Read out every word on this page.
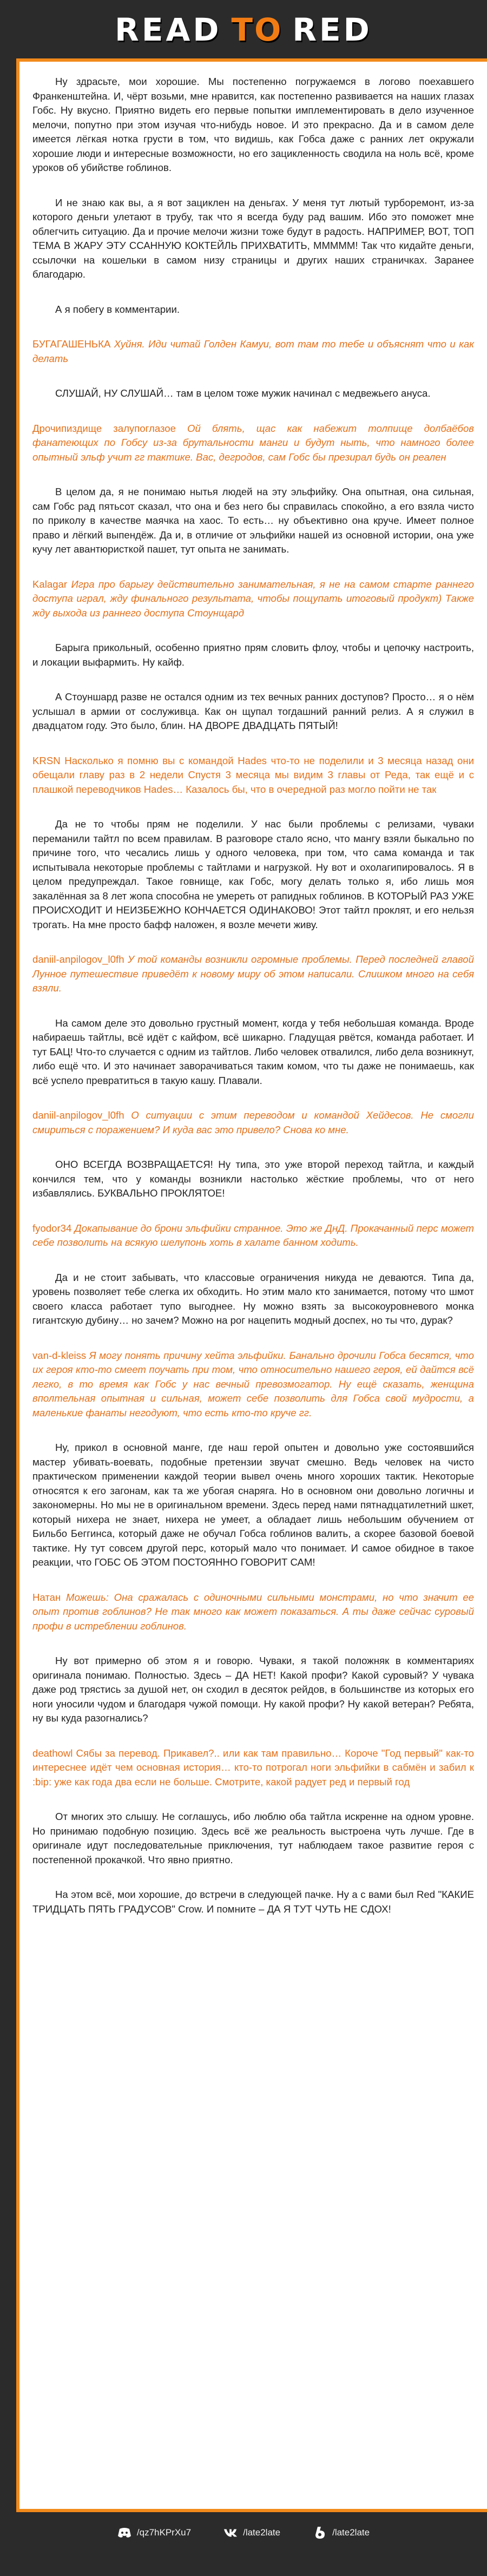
READ TO RED

Ну здрасьте, мои хорошие. Мы постепенно погружаемся в логово поехавшего Франкенштейна. И, чёрт возьми, мне нравится, как постепенно развивается на наших глазах Гобс. Ну вкусно. Приятно видеть его первые попытки имплементировать в дело изученное мелочи, попутно при этом изучая что-нибудь новое. И это прекрасно. Да и в самом деле имеется лёгкая нотка грусти в том, что видишь, как Гобса даже с ранних лет окружали хорошие люди и интересные возможности, но его зацикленность сводила на ноль всё, кроме уроков об убийстве гоблинов.

И не знаю как вы, а я вот зациклен на деньгах. У меня тут лютый турборемонт, из-за которого деньги улетают в трубу, так что я всегда буду рад вашим. Ибо это поможет мне облегчить ситуацию. Да и прочие мелочи жизни тоже будут в радость. НАПРИМЕР, ВОТ, ТОП ТЕМА В ЖАРУ ЭТУ ССАННУЮ КОКТЕЙЛЬ ПРИХВАТИТЬ, МММММ! Так что кидайте деньги, ссылочки на кошельки в самом низу страницы и других наших страничках. Заранее благодарю.

А я побегу в комментарии.

БУГАГАШЕНЬКА Хуйня. Иди читай Голден Камуи, вот там то тебе и объяснят что и как делать

СЛУШАЙ, НУ СЛУШАЙ… там в целом тоже мужик начинал с медвежьего ануса.

Дрочипиздище залупоглазое Ой блять, щас как набежит толпище долбаёбов фанатеющих по Гобсу из-за брутальности манги и будут ныть, что намного более опытный эльф учит гг тактике. Вас, дегродов, сам Гобс бы презирал будь он реален

В целом да, я не понимаю нытья людей на эту эльфийку. Она опытная, она сильная, сам Гобс рад пятьсот сказал, что она и без него бы справилась спокойно, а его взяла чисто по приколу в качестве маячка на хаос. То есть… ну объективно она круче. Имеет полное право и лёгкий выпендёж. Да и, в отличие от эльфийки нашей из основной истории, она уже кучу лет авантюристкой пашет, тут опыта не занимать.

Kalagar Игра про барыгу действительно занимательная, я не на самом старте раннего доступа играл, жду финального результата, чтобы пощупать итоговый продукт) Также жду выхода из раннего доступа Стоунщард

Барыга прикольный, особенно приятно прям словить флоу, чтобы и цепочку настроить, и локации выфармить. Ну кайф.

А Стоуншард разве не остался одним из тех вечных ранних доступов? Просто… я о нём услышал в армии от сослуживца. Как он щупал тогдашний ранний релиз. А я служил в двадцатом году. Это было, блин. НА ДВОРЕ ДВАДЦАТЬ ПЯТЫЙ!

KRSN Насколько я помню вы с командой Hades что-то не поделили и 3 месяца назад они обещали главу раз в 2 недели Спустя 3 месяца мы видим 3 главы от Реда, так ещё и с плашкой переводчиков Hades… Казалось бы, что в очередной раз могло пойти не так

Да не то чтобы прям не поделили. У нас были проблемы с релизами, чуваки переманили тайтл по всем правилам. В разговоре стало ясно, что мангу взяли быкально по причине того, что чесались лишь у одного человека, при том, что сама команда и так испытывала некоторые проблемы с тайтлами и нагрузкой. Ну вот и охолагипировалось. Я в целом предупреждал. Такое говнище, как Гобс, могу делать только я, ибо лишь моя закалённая за 8 лет жопа способна не умереть от рапидных гоблинов. В КОТОРЫЙ РАЗ УЖЕ ПРОИСХОДИТ И НЕИЗБЕЖНО КОНЧАЕТСЯ ОДИНАКОВО! Этот тайтл проклят, и его нельзя трогать. На мне просто бафф наложен, я возле мечети живу.

daniil-anpilogov_l0fh У той команды возникли огромные проблемы. Перед последней главой Лунное путешествие приведёт к новому миру об этом написали. Слишком много на себя взяли.

На самом деле это довольно грустный момент, когда у тебя небольшая команда. Вроде набираешь тайтлы, всё идёт с кайфом, всё шикарно. Гладущая рвётся, команда работает. И тут БАЦ! Что-то случается с одним из тайтлов. Либо человек отвалился, либо дела возникнут, либо ещё что. И это начинает заворачиваться таким комом, что ты даже не понимаешь, как всё успело превратиться в такую кашу. Плавали.

daniil-anpilogov_l0fh О ситуации с этим переводом и командой Хейдесов. Не смогли смириться с поражением? И куда вас это привело? Снова ко мне.

ОНО ВСЕГДА ВОЗВРАЩАЕТСЯ! Ну типа, это уже второй переход тайтла, и каждый кончился тем, что у команды возникли настолько жёсткие проблемы, что от него избавлялись. БУКВАЛЬНО ПРОКЛЯТОЕ!

fyodor34 Докапывание до брони эльфийки странное. Это же ДнД. Прокачанный перс может себе позволить на всякую шелупонь хоть в халате банном ходить.

Да и не стоит забывать, что классовые ограничения никуда не деваются. Типа да, уровень позволяет тебе слегка их обходить. Но этим мало кто занимается, потому что шмот своего класса работает тупо выгоднее. Ну можно взять за высокоуровневого монка гигантскую дубину… но зачем? Можно на рог нацепить модный доспех, но ты что, дурак?

van-d-kleiss Я могу понять причину хейта эльфийки. Банально дрочили Гобса бесятся, что их героя кто-то смеет поучать при том, что относительно нашего героя, ей дайтся всё легко, в то время как Гобс у нас вечный превозмогатор. Ну ещё сказать, женщина вполтельная опытная и сильная, может себе позволить для Гобса свой мудрости, а маленькие фанаты негодуют, что есть кто-то круче гг.

Ну, прикол в основной манге, где наш герой опытен и довольно уже состоявшийся мастер убивать-воевать, подобные претензии звучат смешно. Ведь человек на чисто практическом применении каждой теории вывел очень много хороших тактик. Некоторые относятся к его загонам, как та же убогая снаряга. Но в основном они довольно логичны и закономерны. Но мы не в оригинальном времени. Здесь перед нами пятнадцатилетний шкет, который нихера не знает, нихера не умеет, а обладает лишь небольшим обучением от Бильбо Беггинса, который даже не обучал Гобса гоблинов валить, а скорее базовой боевой тактике. Ну тут совсем другой перс, который мало что понимает. И самое обидное в такое реакции, что ГОБС ОБ ЭТОМ ПОСТОЯННО ГОВОРИТ САМ!

Натан Можешь: Она сражалась с одиночными сильными монстрами, но что значит ее опыт против гоблинов? Не так много как может показаться. А ты даже сейчас суровый профи в истреблении гоблинов.

Ну вот примерно об этом я и говорю. Чуваки, я такой положняк в комментариях оригинала понимаю. Полностью. Здесь – ДА НЕТ! Какой профи? Какой суровый? У чувака даже род трястись за душой нет, он сходил в десяток рейдов, в большинстве из которых его ноги уносили чудом и благодаря чужой помощи. Ну какой профи? Ну какой ветеран? Ребята, ну вы куда разогнались?

deathowl Сябы за перевод. Прикавел?.. или как там правильно… Короче "Год первый" как-то интереснее идёт чем основная история… кто-то потрогал ноги эльфийки в сабмён и забил к :bip: уже как года два если не больше. Смотрите, какой радует ред и первый год

От многих это слышу. Не соглашусь, ибо люблю оба тайтла искренне на одном уровне. Но принимаю подобную позицию. Здесь всё же реальность выстроена чуть лучше. Где в оригинале идут последовательные приключения, тут наблюдаем такое развитие героя с постепенной прокачкой. Что явно приятно.

На этом всё, мои хорошие, до встречи в следующей пачке. Ну а с вами был Red "КАКИЕ ТРИДЦАТЬ ПЯТЬ ГРАДУСОВ" Crow. И помните – ДА Я ТУТ ЧУТЬ НЕ СДОХ!

/qz7hKPrXu7	/late2late	/late2late
